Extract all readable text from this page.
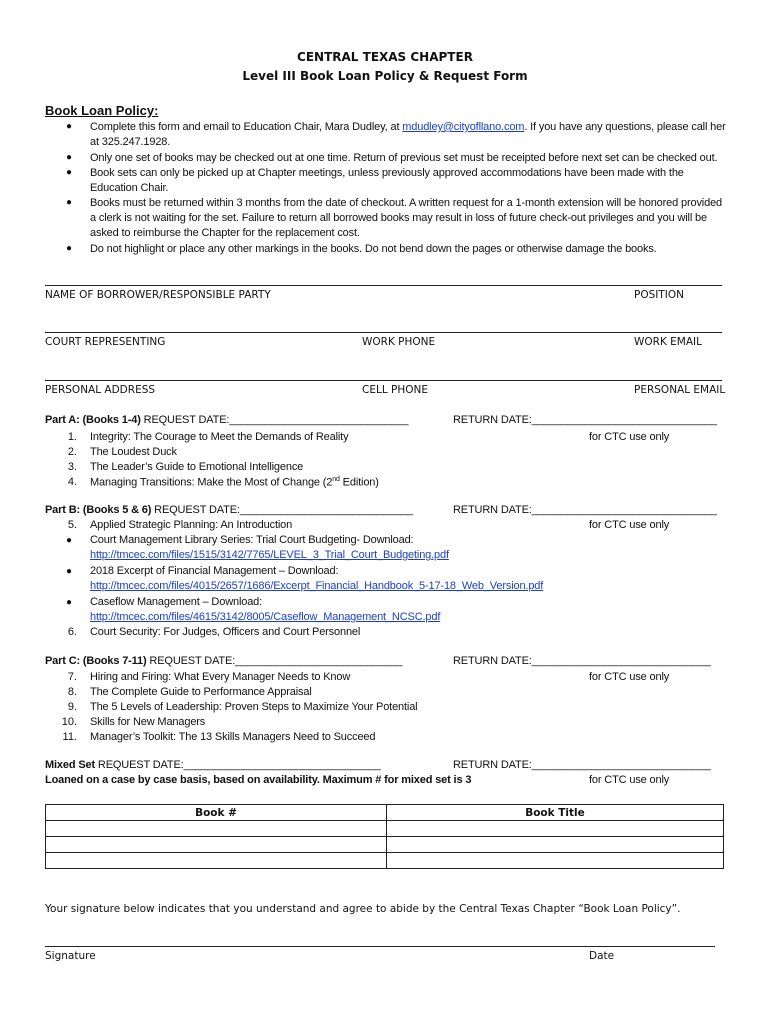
CENTRAL TEXAS CHAPTER
Level III Book Loan Policy & Request Form
Book Loan Policy:
● Complete this form and email to Education Chair, Mara Dudley, at mdudley@cityofllano.com. If you have any questions, please call her at 325.247.1928.
● Only one set of books may be checked out at one time. Return of previous set must be receipted before next set can be checked out.
● Book sets can only be picked up at Chapter meetings, unless previously approved accommodations have been made with the Education Chair.
● Books must be returned within 3 months from the date of checkout. A written request for a 1-month extension will be honored provided a clerk is not waiting for the set. Failure to return all borrowed books may result in loss of future check-out privileges and you will be asked to reimburse the Chapter for the replacement cost.
● Do not highlight or place any other markings in the books. Do not bend down the pages or otherwise damage the books.
NAME OF BORROWER/RESPONSIBLE PARTY	POSITION
COURT REPRESENTING	WORK PHONE	WORK EMAIL
PERSONAL ADDRESS	CELL PHONE	PERSONAL EMAIL
Part A: (Books 1-4) REQUEST DATE:______________________________	RETURN DATE:_______________________________
for CTC use only
1. Integrity: The Courage to Meet the Demands of Reality
2. The Loudest Duck
3. The Leader’s Guide to Emotional Intelligence
4. Managing Transitions: Make the Most of Change (2nd Edition)
Part B: (Books 5 & 6) REQUEST DATE:_____________________________	RETURN DATE:_______________________________
for CTC use only
5. Applied Strategic Planning: An Introduction
● Court Management Library Series: Trial Court Budgeting- Download:
http://tmcec.com/files/1515/3142/7765/LEVEL_3_Trial_Court_Budgeting.pdf
● 2018 Excerpt of Financial Management – Download:
http://tmcec.com/files/4015/2657/1686/Excerpt_Financial_Handbook_5-17-18_Web_Version.pdf
● Caseflow Management – Download:
http://tmcec.com/files/4615/3142/8005/Caseflow_Management_NCSC.pdf
6. Court Security: For Judges, Officers and Court Personnel
Part C: (Books 7-11) REQUEST DATE:____________________________	RETURN DATE:______________________________
for CTC use only
7. Hiring and Firing: What Every Manager Needs to Know
8. The Complete Guide to Performance Appraisal
9. The 5 Levels of Leadership: Proven Steps to Maximize Your Potential
10. Skills for New Managers
11. Manager’s Toolkit: The 13 Skills Managers Need to Succeed
Mixed Set REQUEST DATE:_________________________________	RETURN DATE:______________________________
Loaned on a case by case basis, based on availability. Maximum # for mixed set is 3	for CTC use only
Book #	Book Title

Your signature below indicates that you understand and agree to abide by the Central Texas Chapter “Book Loan Policy”.
Signature	Date
